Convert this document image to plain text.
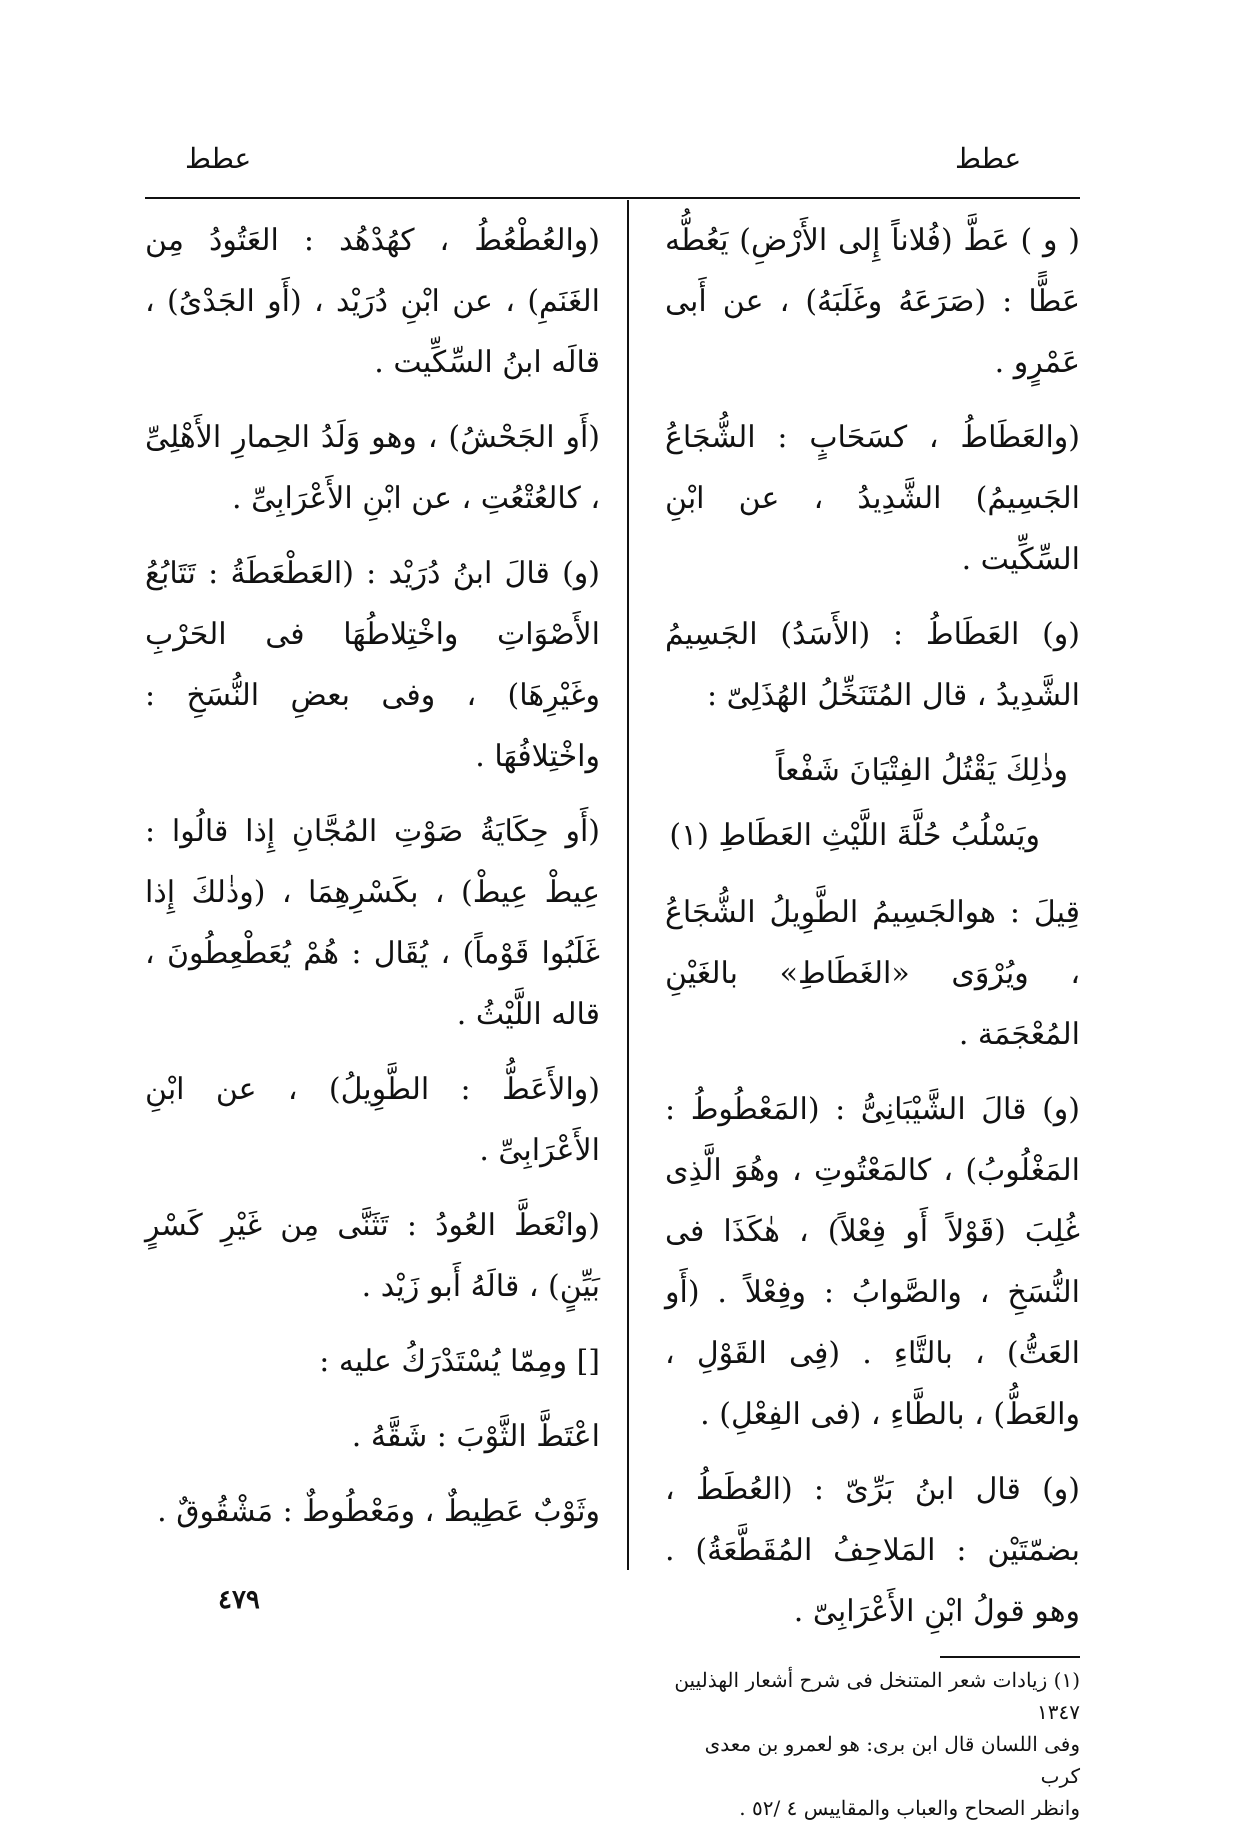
عطط
عطط

( و ) عَطَّ (فُلاناً إِلى الأَرْضِ) يَعُطُّه عَطًّا : (صَرَعَهُ وغَلَبَهُ) ، عن أَبى عَمْرٍو .

(والعَطَاطُ ، كسَحَابٍ : الشُّجَاعُ الجَسِيمُ) الشَّدِيدُ ، عن ابْنِ السِّكِّيت .

(و) العَطَاطُ : (الأَسَدُ) الجَسِيمُ الشَّدِيدُ ، قال المُتَنَخِّلُ الهُذَلِىّ :

وذٰلِكَ يَقْتُلُ الفِتْيَانَ شَفْعاً

ويَسْلُبُ حُلَّةَ اللَّيْثِ العَطَاطِ (١)

قِيلَ : هوالجَسِيمُ الطَّوِيلُ الشُّجَاعُ ، ويُرْوَى «الغَطَاطِ» بالغَيْنِ المُعْجَمَة .

(و) قالَ الشَّيْبَانِىُّ : (المَعْطُوطُ : المَغْلُوبُ) ، كالمَعْتُوتِ ، وهُوَ الَّذِى غُلِبَ (قَوْلاً أَو فِعْلاً) ، هٰكَذَا فى النُّسَخِ ، والصَّوابُ : وفِعْلاً . (أَو العَتُّ) ، بالتَّاءِ . (فِى القَوْلِ ، والعَطُّ) ، بالطَّاءِ ، (فى الفِعْلِ) .

(و) قال ابنُ بَرِّىّ : (العُطَطُ ، بضمّتَيْن : المَلاحِفُ المُقَطَّعَةُ) . وهو قولُ ابْنِ الأَعْرَابِىّ .

(١) زيادات شعر المتنخل فى شرح أشعار الهذليين ١٣٤٧
وفى اللسان قال ابن برى: هو لعمرو بن معدى كرب
وانظر الصحاح والعباب والمقاييس ٤ /٥٢ .

(والعُطْعُطُ ، كهُدْهُد : العَتُودُ مِن الغَنَمِ) ، عن ابْنِ دُرَيْد ، (أَو الجَدْىُ) ، قالَه ابنُ السِّكِّيت .

(أَو الجَحْشُ) ، وهو وَلَدُ الحِمارِ الأَهْلِىِّ ، كالعُتْعُتِ ، عن ابْنِ الأَعْرَابِىِّ .

(و) قالَ ابنُ دُرَيْد : (العَطْعَطَةُ : تَتَابُعُ الأَصْوَاتِ واخْتِلاطُهَا فى الحَرْبِ وغَيْرِهَا) ، وفى بعضِ النُّسَخِ : واخْتِلافُهَا .

(أَو حِكَايَةُ صَوْتِ المُجَّانِ إِذا قالُوا : عِيطْ عِيطْ) ، بكَسْرِهِمَا ، (وذٰلكَ إِذا غَلَبُوا قَوْماً) ، يُقَال : هُمْ يُعَطْعِطُونَ ، قاله اللَّيْثُ .

(والأَعَطُّ : الطَّوِيلُ) ، عن ابْنِ الأَعْرَابِىِّ .

(وانْعَطَّ العُودُ : تَثَنَّى مِن غَيْرِ كَسْرٍ بَيِّنٍ) ، قالَهُ أَبو زَيْد .

[] ومِمّا يُسْتَدْرَكُ عليه :

اعْتَطَّ الثَّوْبَ : شَقَّهُ .

وثَوْبٌ عَطِيطٌ ، ومَعْطُوطٌ : مَشْقُوقٌ .

٤٧٩
